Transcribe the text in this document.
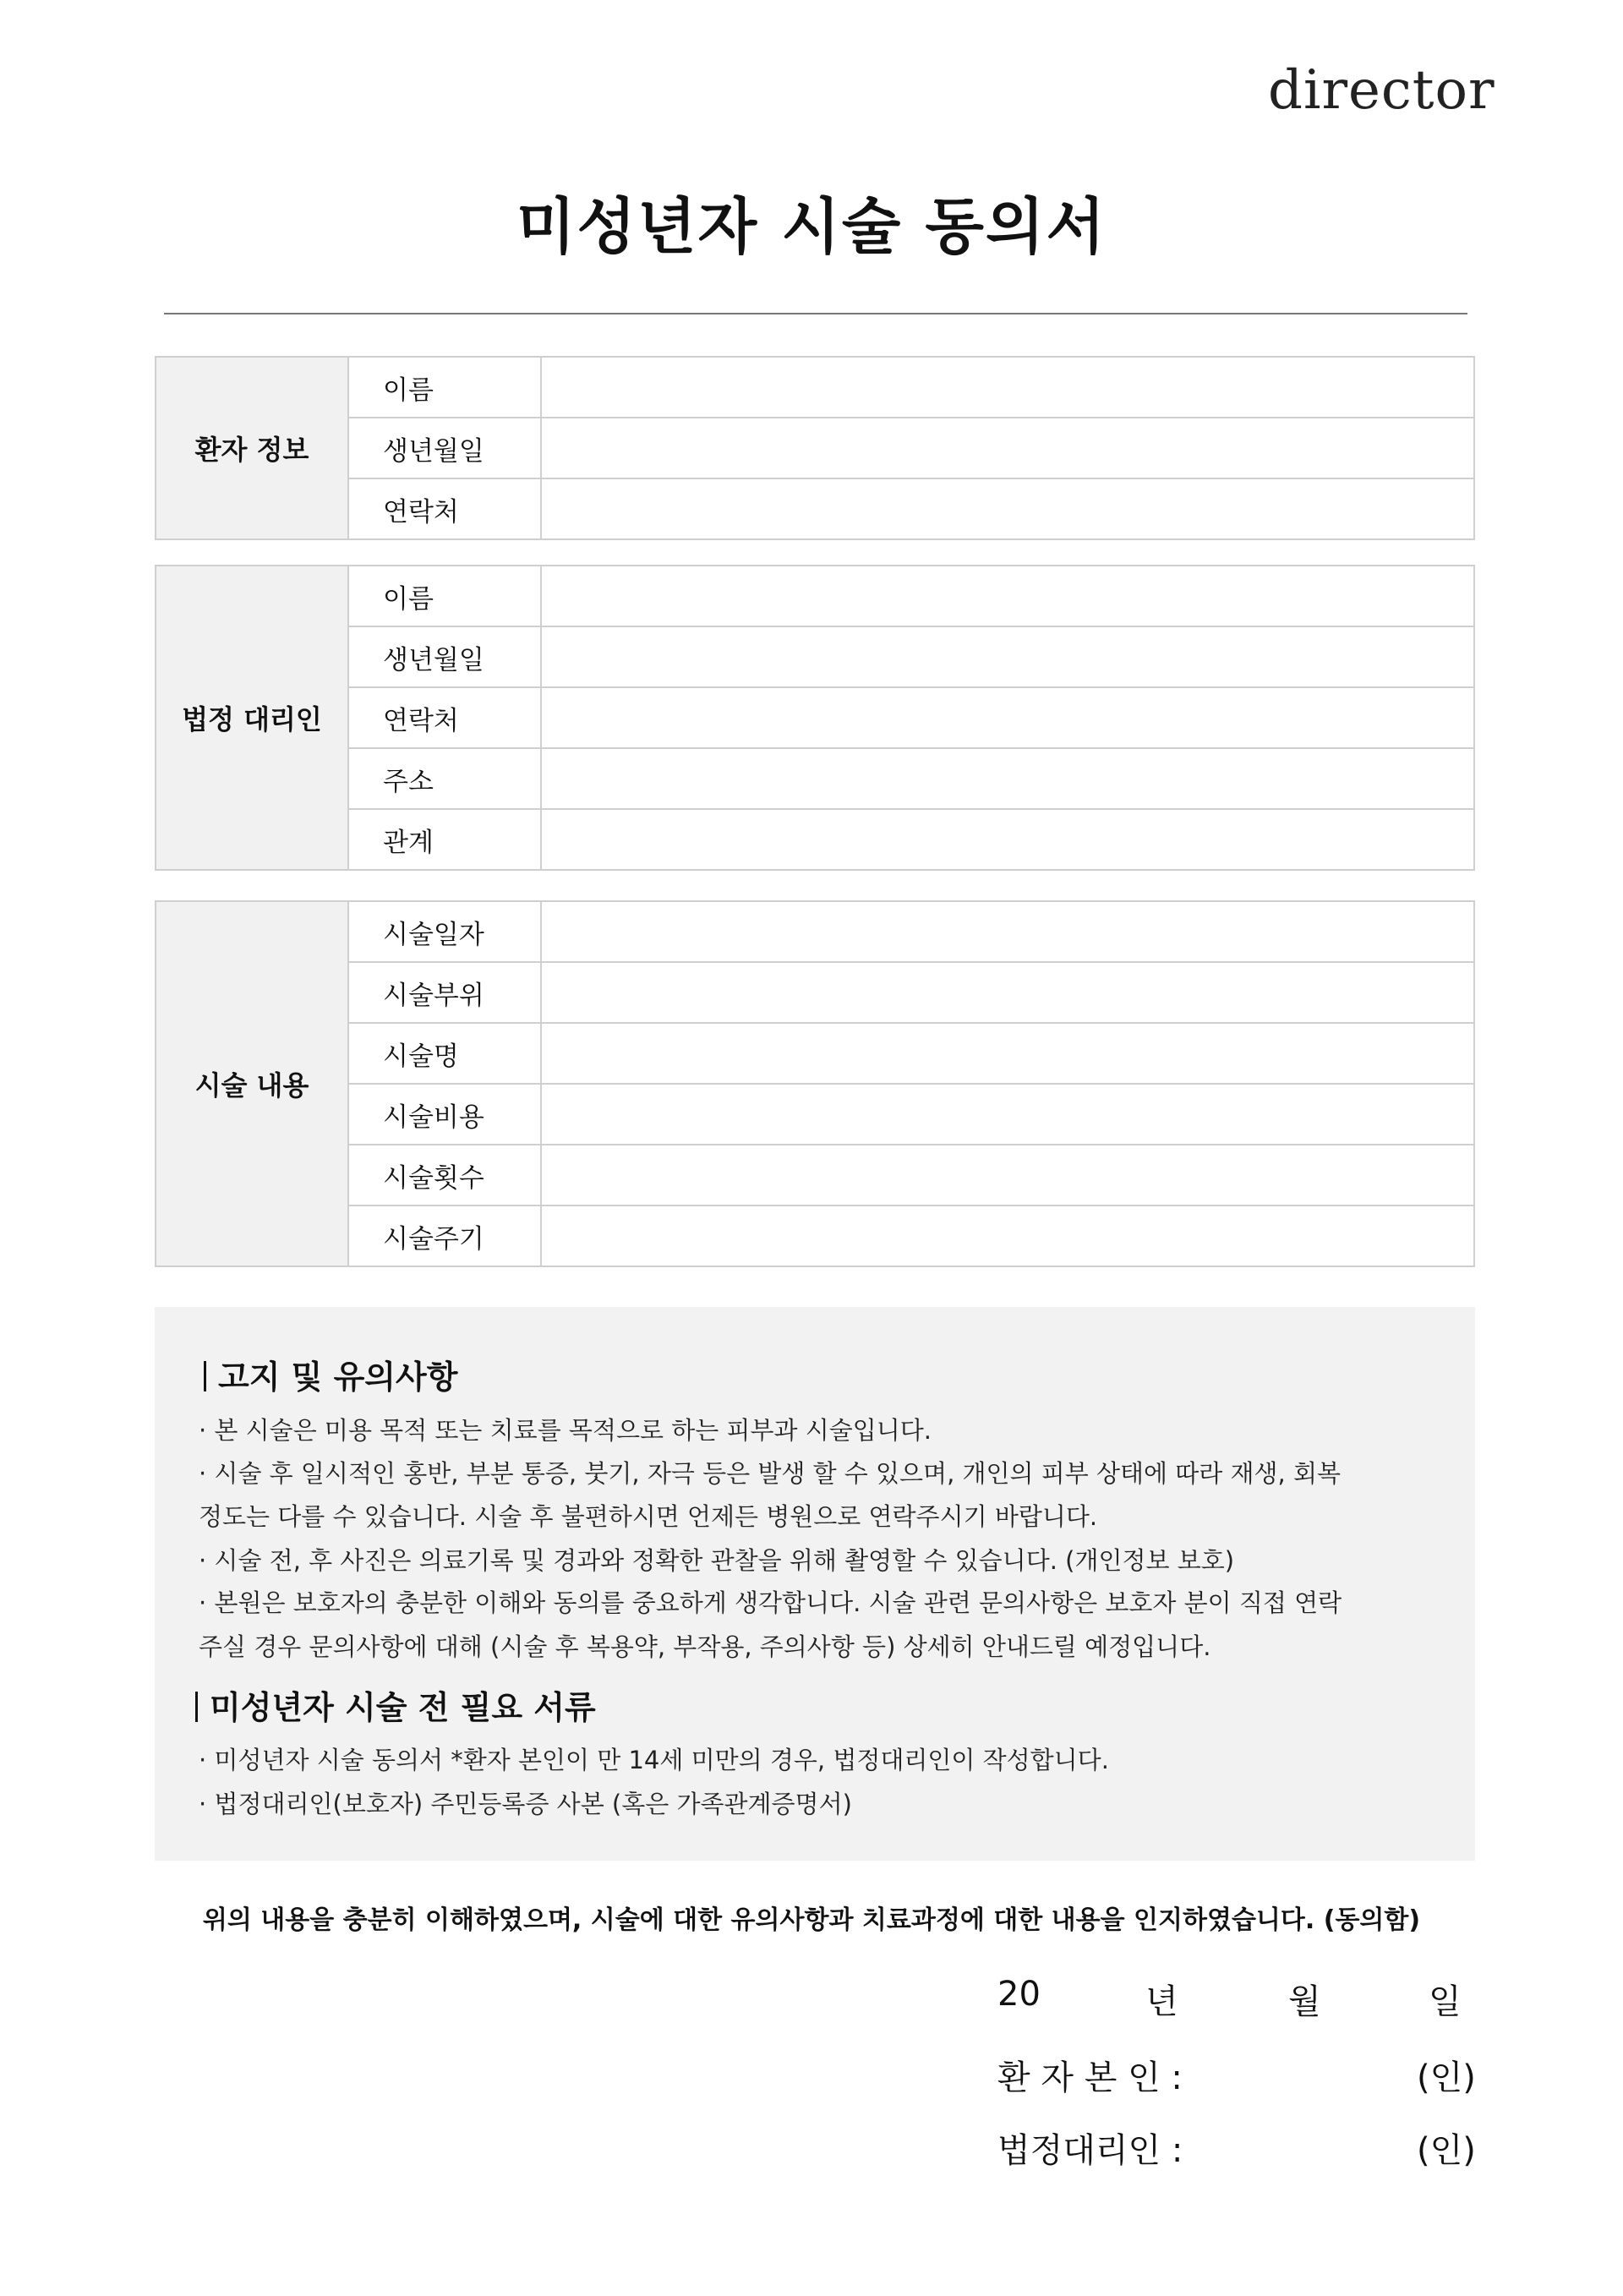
director
미성년자 시술 동의서
환자 정보	이름	

	생년월일	

	연락처	

법정 대리인	이름	

	생년월일	

	연락처	

	주소	

	관계	

시술 내용	시술일자	

	시술부위	

	시술명	

	시술비용	

	시술횟수	

	시술주기	

고지 및 유의사항
· 본 시술은 미용 목적 또는 치료를 목적으로 하는 피부과 시술입니다.
· 시술 후 일시적인 홍반, 부분 통증, 붓기, 자극 등은 발생 할 수 있으며, 개인의 피부 상태에 따라 재생, 회복
정도는 다를 수 있습니다. 시술 후 불편하시면 언제든 병원으로 연락주시기 바랍니다.
· 시술 전, 후 사진은 의료기록 및 경과와 정확한 관찰을 위해 촬영할 수 있습니다. (개인정보 보호)
· 본원은 보호자의 충분한 이해와 동의를 중요하게 생각합니다. 시술 관련 문의사항은 보호자 분이 직접 연락
주실 경우 문의사항에 대해 (시술 후 복용약, 부작용, 주의사항 등) 상세히 안내드릴 예정입니다.
미성년자 시술 전 필요 서류
· 미성년자 시술 동의서 *환자 본인이 만 14세 미만의 경우, 법정대리인이 작성합니다.
· 법정대리인(보호자) 주민등록증 사본 (혹은 가족관계증명서)
위의 내용을 충분히 이해하였으며, 시술에 대한 유의사항과 치료과정에 대한 내용을 인지하였습니다. (동의함)
20	년	월	일
환 자 본 인 :	(인)
법정대리인 :	(인)
